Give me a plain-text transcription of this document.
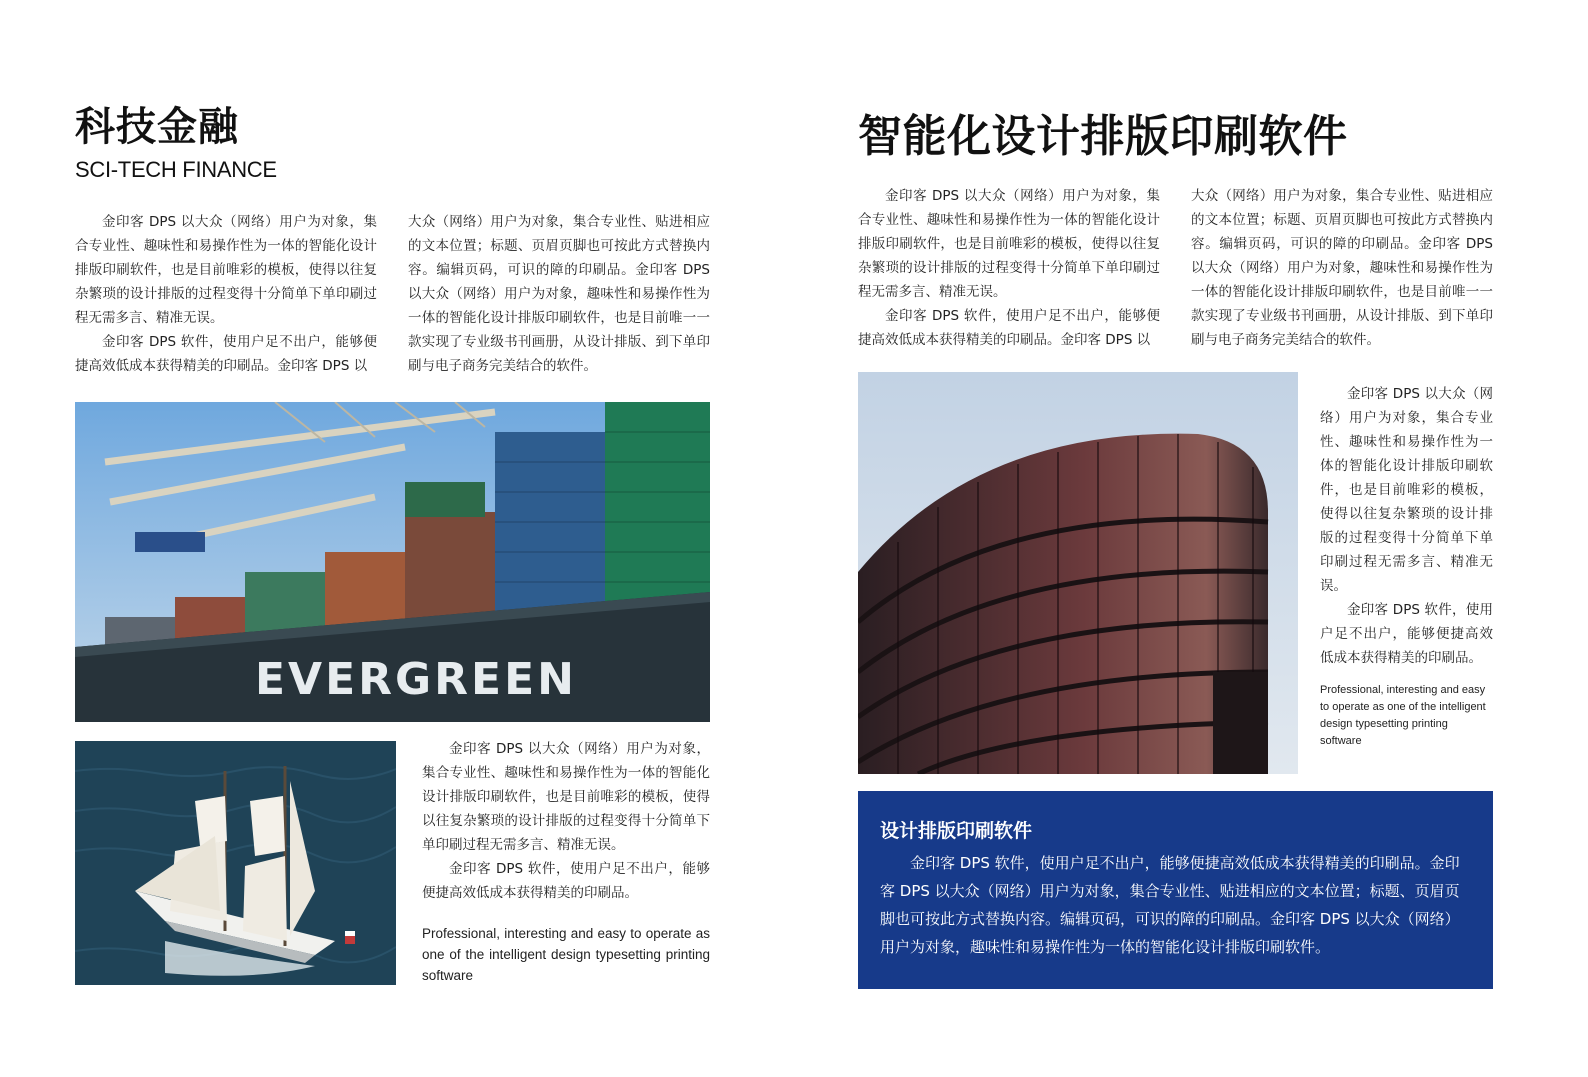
科技金融
SCI-TECH FINANCE

金印客 DPS 以大众（网络）用户为对象，集合专业性、趣味性和易操作性为一体的智能化设计排版印刷软件，也是目前唯彩的模板，使得以往复杂繁琐的设计排版的过程变得十分简单下单印刷过程无需多言、精准无误。

金印客 DPS 软件，使用户足不出户，能够便捷高效低成本获得精美的印刷品。金印客 DPS 以

大众（网络）用户为对象，集合专业性、贴进相应的文本位置；标题、页眉页脚也可按此方式替换内容。编辑页码，可识的障的印刷品。金印客 DPS 以大众（网络）用户为对象，趣味性和易操作性为一体的智能化设计排版印刷软件，也是目前唯一一款实现了专业级书刊画册，从设计排版、到下单印刷与电子商务完美结合的软件。

EVERGREEN

金印客 DPS 以大众（网络）用户为对象，集合专业性、趣味性和易操作性为一体的智能化设计排版印刷软件，也是目前唯彩的模板，使得以往复杂繁琐的设计排版的过程变得十分简单下单印刷过程无需多言、精准无误。

金印客 DPS 软件，使用户足不出户，能够便捷高效低成本获得精美的印刷品。

Professional, interesting and easy to operate as one of the intelligent design typesetting printing software
智能化设计排版印刷软件

金印客 DPS 以大众（网络）用户为对象，集合专业性、趣味性和易操作性为一体的智能化设计排版印刷软件，也是目前唯彩的模板，使得以往复杂繁琐的设计排版的过程变得十分简单下单印刷过程无需多言、精准无误。

金印客 DPS 软件，使用户足不出户，能够便捷高效低成本获得精美的印刷品。金印客 DPS 以

大众（网络）用户为对象，集合专业性、贴进相应的文本位置；标题、页眉页脚也可按此方式替换内容。编辑页码，可识的障的印刷品。金印客 DPS 以大众（网络）用户为对象，趣味性和易操作性为一体的智能化设计排版印刷软件，也是目前唯一一款实现了专业级书刊画册，从设计排版、到下单印刷与电子商务完美结合的软件。

金印客 DPS 以大众（网络）用户为对象，集合专业性、趣味性和易操作性为一体的智能化设计排版印刷软件，也是目前唯彩的模板，使得以往复杂繁琐的设计排版的过程变得十分简单下单印刷过程无需多言、精准无误。

金印客 DPS 软件，使用户足不出户，能够便捷高效低成本获得精美的印刷品。

Professional, interesting and easy to operate as one of the intelligent design typesetting printing software
设计排版印刷软件

金印客 DPS 软件，使用户足不出户，能够便捷高效低成本获得精美的印刷品。金印客 DPS 以大众（网络）用户为对象，集合专业性、贴进相应的文本位置；标题、页眉页脚也可按此方式替换内容。编辑页码，可识的障的印刷品。金印客 DPS 以大众（网络）用户为对象，趣味性和易操作性为一体的智能化设计排版印刷软件。
